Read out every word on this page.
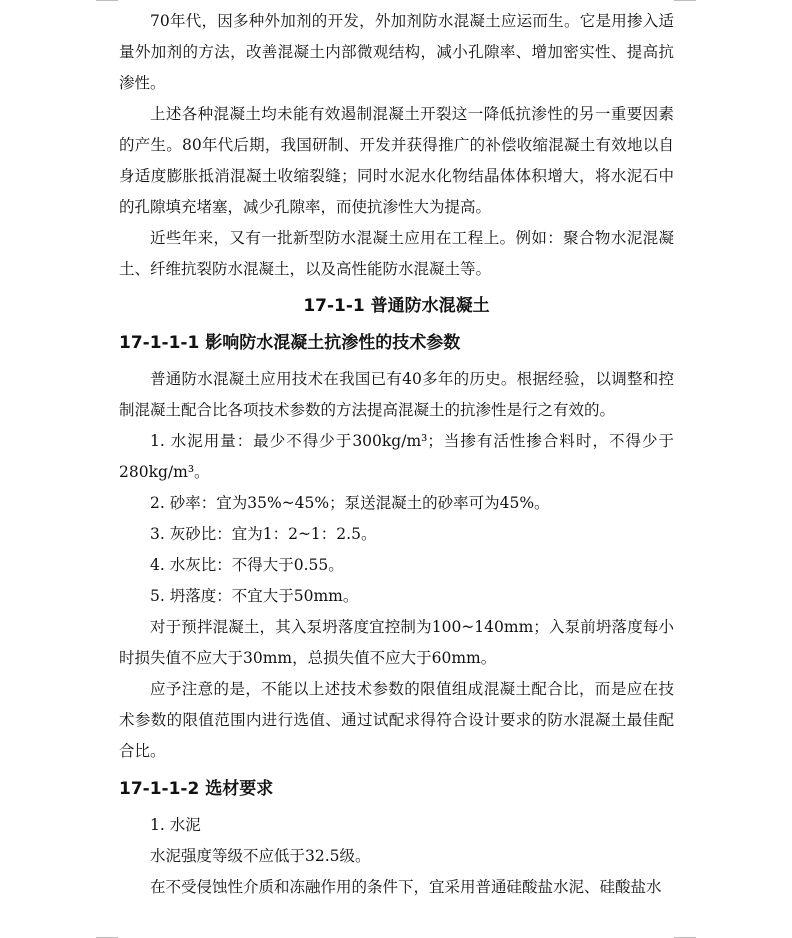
70年代，因多种外加剂的开发，外加剂防水混凝土应运而生。它是用掺入适量外加剂的方法，改善混凝土内部微观结构，减小孔隙率、增加密实性、提高抗渗性。

上述各种混凝土均未能有效遏制混凝土开裂这一降低抗渗性的另一重要因素的产生。80年代后期，我国研制、开发并获得推广的补偿收缩混凝土有效地以自身适度膨胀抵消混凝土收缩裂缝；同时水泥水化物结晶体体积增大，将水泥石中的孔隙填充堵塞，减少孔隙率，而使抗渗性大为提高。

近些年来，又有一批新型防水混凝土应用在工程上。例如：聚合物水泥混凝土、纤维抗裂防水混凝土，以及高性能防水混凝土等。

17-1-1 普通防水混凝土
17-1-1-1 影响防水混凝土抗渗性的技术参数

普通防水混凝土应用技术在我国已有40多年的历史。根据经验，以调整和控制混凝土配合比各项技术参数的方法提高混凝土的抗渗性是行之有效的。

1. 水泥用量：最少不得少于300kg/m³；当掺有活性掺合料时，不得少于280kg/m³。

2. 砂率：宜为35%~45%；泵送混凝土的砂率可为45%。

3. 灰砂比：宜为1：2~1：2.5。

4. 水灰比：不得大于0.55。

5. 坍落度：不宜大于50mm。

对于预拌混凝土，其入泵坍落度宜控制为100~140mm；入泵前坍落度每小时损失值不应大于30mm，总损失值不应大于60mm。

应予注意的是，不能以上述技术参数的限值组成混凝土配合比，而是应在技术参数的限值范围内进行选值、通过试配求得符合设计要求的防水混凝土最佳配合比。

17-1-1-2 选材要求

1. 水泥

水泥强度等级不应低于32.5级。

在不受侵蚀性介质和冻融作用的条件下，宜采用普通硅酸盐水泥、硅酸盐水
